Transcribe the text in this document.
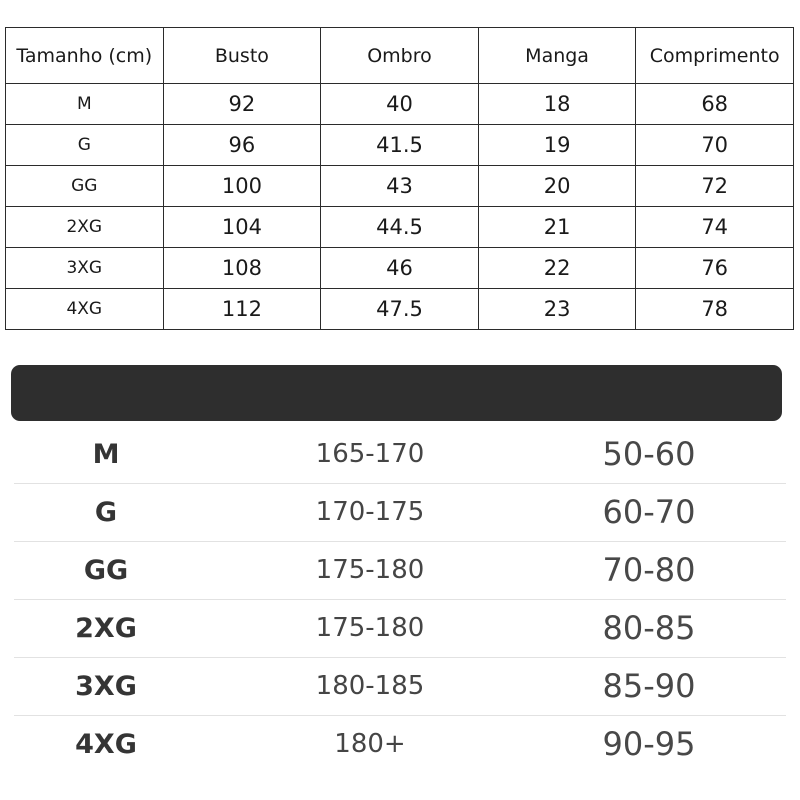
Tamanho (cm)	Busto	Ombro	Manga	Comprimento
M	92	40	18	68
G	96	41.5	19	70
GG	100	43	20	72
2XG	104	44.5	21	74
3XG	108	46	22	76
4XG	112	47.5	23	78
M	165-170	50-60
G	170-175	60-70
GG	175-180	70-80
2XG	175-180	80-85
3XG	180-185	85-90
4XG	180+	90-95
